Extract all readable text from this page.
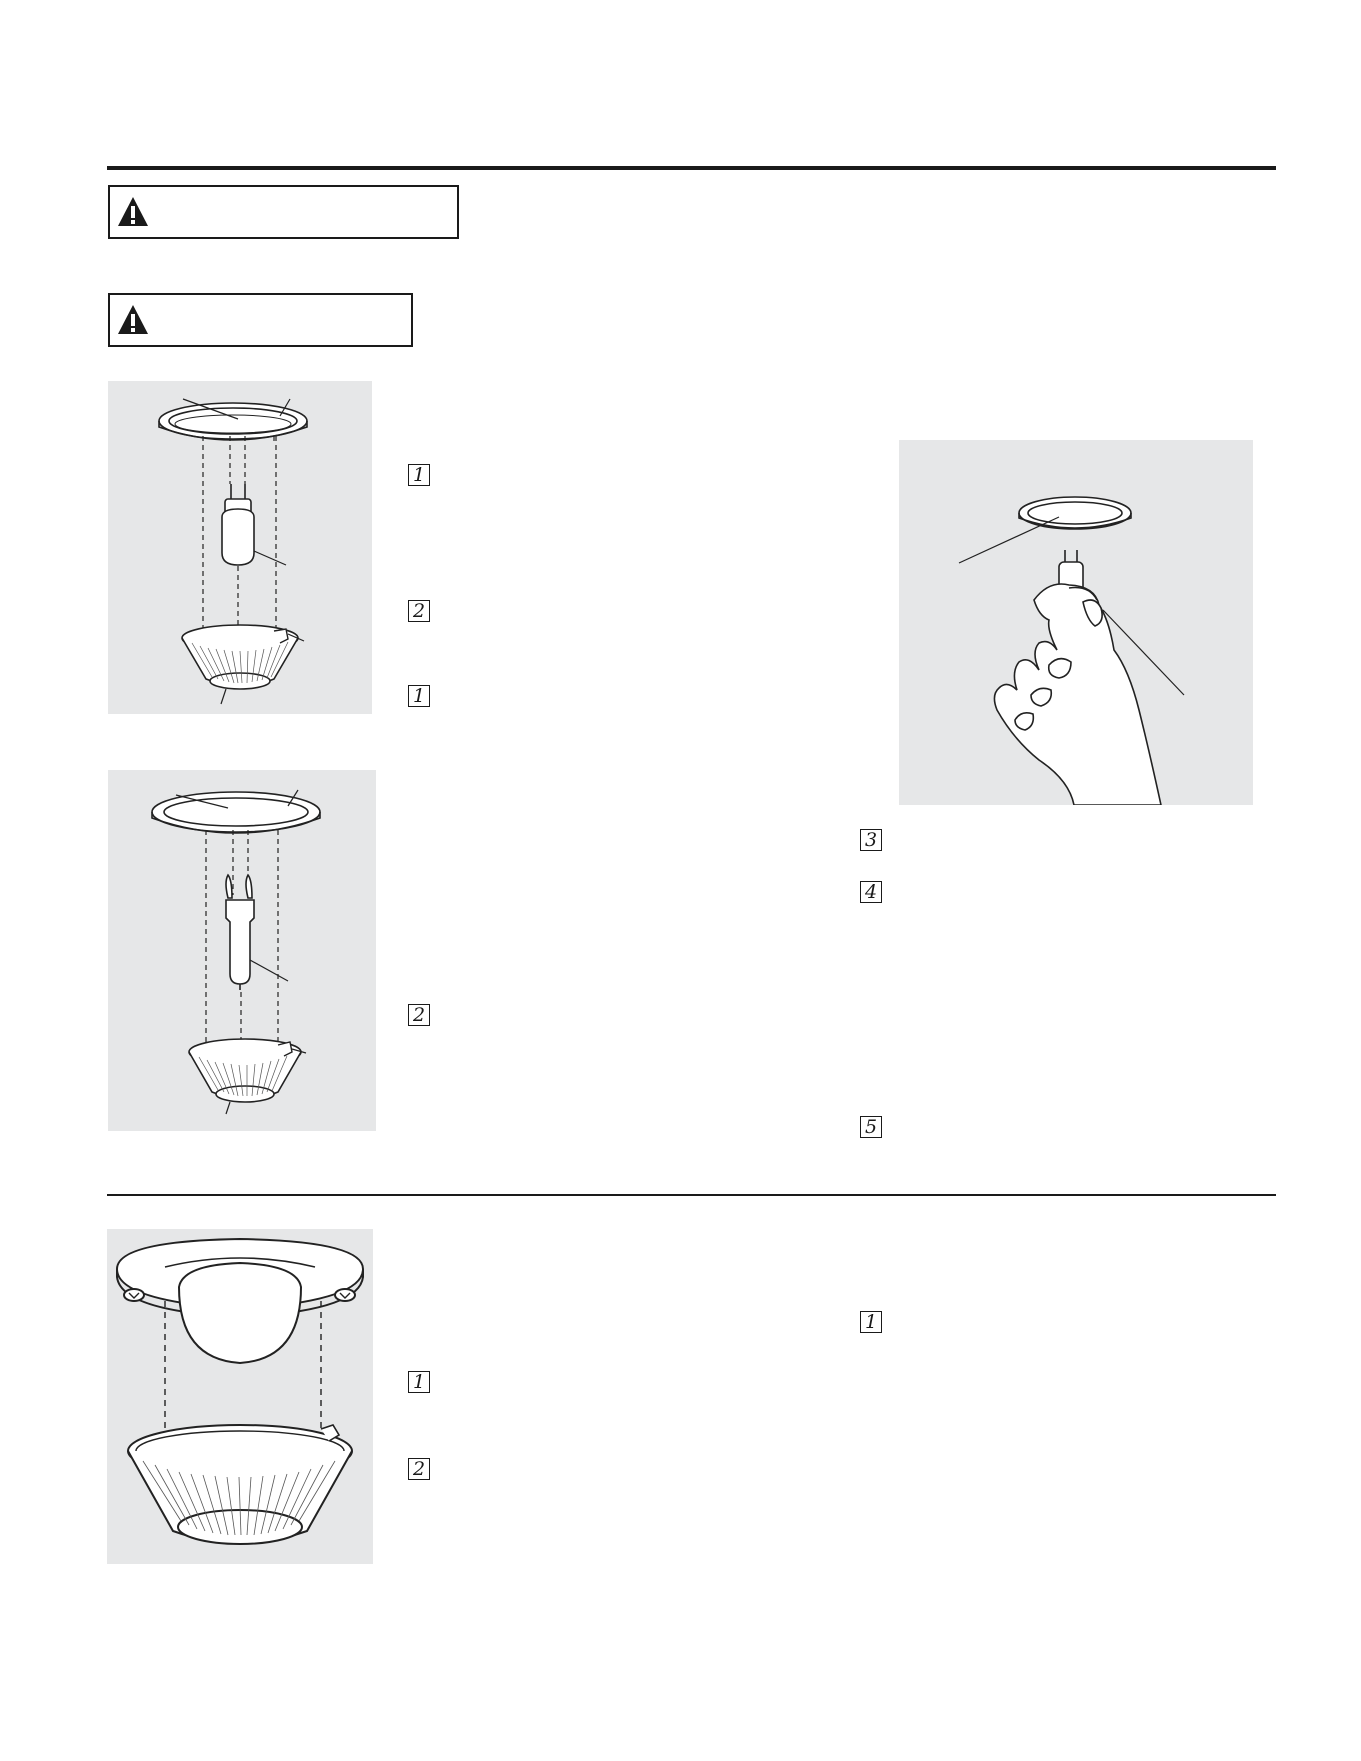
1
2
1
2
3
4
5
1
1
2
